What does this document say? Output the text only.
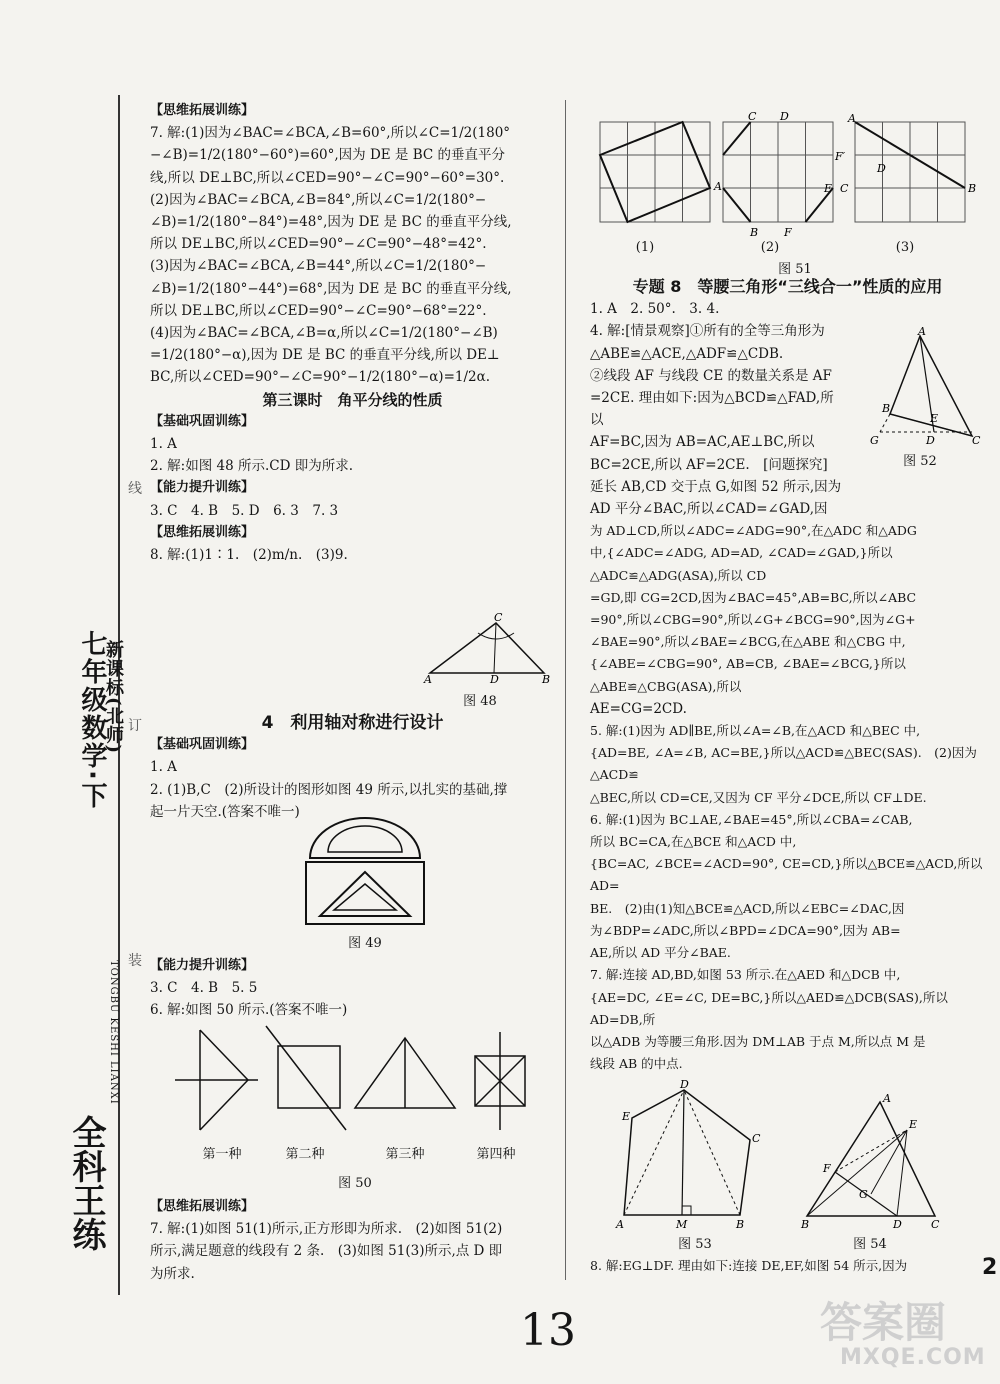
七年级数学·下
新课标(北师)
TONGBU KESHI LIANXI
全科王练
线
订
装

【思维拓展训练】

7. 解:(1)因为∠BAC=∠BCA,∠B=60°,所以∠C=1/2(180°

−∠B)=1/2(180°−60°)=60°,因为 DE 是 BC 的垂直平分

线,所以 DE⊥BC,所以∠CED=90°−∠C=90°−60°=30°.

(2)因为∠BAC=∠BCA,∠B=84°,所以∠C=1/2(180°−

∠B)=1/2(180°−84°)=48°,因为 DE 是 BC 的垂直平分线,

所以 DE⊥BC,所以∠CED=90°−∠C=90°−48°=42°.

(3)因为∠BAC=∠BCA,∠B=44°,所以∠C=1/2(180°−

∠B)=1/2(180°−44°)=68°,因为 DE 是 BC 的垂直平分线,

所以 DE⊥BC,所以∠CED=90°−∠C=90°−68°=22°.

(4)因为∠BAC=∠BCA,∠B=α,所以∠C=1/2(180°−∠B)

=1/2(180°−α),因为 DE 是 BC 的垂直平分线,所以 DE⊥

BC,所以∠CED=90°−∠C=90°−1/2(180°−α)=1/2α.

第三课时　角平分线的性质

【基础巩固训练】

1. A

2. 解:如图 48 所示.CD 即为所求.

【能力提升训练】

3. C　4. B　5. D　6. 3　7. 3

【思维拓展训练】

8. 解:(1)1∶1.　(2)m/n.　(3)9.

A	B
C
D
图 48

4　利用轴对称进行设计

【基础巩固训练】

1. A

2. (1)B,C　(2)所设计的图形如图 49 所示,以扎实的基础,撑

起一片天空.(答案不唯一)

图 49

【能力提升训练】

3. C　4. B　5. 5

6. 解:如图 50 所示.(答案不唯一)

第一种	第二种	第三种	第四种
图 50

【思维拓展训练】

7. 解:(1)如图 51(1)所示,正方形即为所求.　(2)如图 51(2)

所示,满足题意的线段有 2 条.　(3)如图 51(3)所示,点 D 即

为所求.

A
C D
F′
E C
B F
A
D
B
(1)	(2)	(3)
图 51

专题 8　等腰三角形“三线合一”性质的应用

1. A　2. 50°.　3. 4.

4. 解:[情景观察]①所有的全等三角形为

△ABE≌△ACE,△ADF≌△CDB.

②线段 AF 与线段 CE 的数量关系是 AF

=2CE. 理由如下:因为△BCD≌△FAD,所以

AF=BC,因为 AB=AC,AE⊥BC,所以

BC=2CE,所以 AF=2CE.　[问题探究]

延长 AB,CD 交于点 G,如图 52 所示,因为

AD 平分∠BAC,所以∠CAD=∠GAD,因

为 AD⊥CD,所以∠ADC=∠ADG=90°,在△ADC 和△ADG

中,{∠ADC=∠ADG, AD=AD, ∠CAD=∠GAD,}所以△ADC≌△ADG(ASA),所以 CD

=GD,即 CG=2CD,因为∠BAC=45°,AB=BC,所以∠ABC

=90°,所以∠CBG=90°,所以∠G+∠BCG=90°,因为∠G+

∠BAE=90°,所以∠BAE=∠BCG,在△ABE 和△CBG 中,

{∠ABE=∠CBG=90°, AB=CB, ∠BAE=∠BCG,}所以△ABE≌△CBG(ASA),所以

AE=CG=2CD.

5. 解:(1)因为 AD∥BE,所以∠A=∠B,在△ACD 和△BEC 中,

{AD=BE, ∠A=∠B, AC=BE,}所以△ACD≌△BEC(SAS).　(2)因为△ACD≌

△BEC,所以 CD=CE,又因为 CF 平分∠DCE,所以 CF⊥DE.

6. 解:(1)因为 BC⊥AE,∠BAE=45°,所以∠CBA=∠CAB,

所以 BC=CA,在△BCE 和△ACD 中,

{BC=AC, ∠BCE=∠ACD=90°, CE=CD,}所以△BCE≌△ACD,所以 AD=

BE.　(2)由(1)知△BCE≌△ACD,所以∠EBC=∠DAC,因

为∠BDP=∠ADC,所以∠BPD=∠DCA=90°,因为 AB=

AE,所以 AD 平分∠BAE.

7. 解:连接 AD,BD,如图 53 所示.在△AED 和△DCB 中,

{AE=DC, ∠E=∠C, DE=BC,}所以△AED≌△DCB(SAS),所以 AD=DB,所

以△ADB 为等腰三角形.因为 DM⊥AB 于点 M,所以点 M 是

线段 AB 的中点.

A
B
E
G	D	C
图 52
A
E
D
C
B
M
图 53
A
E
F
G
B	D	C
图 54

8. 解:EG⊥DF. 理由如下:连接 DE,EF,如图 54 所示,因为

13
2
答案圈
MXQE.COM
